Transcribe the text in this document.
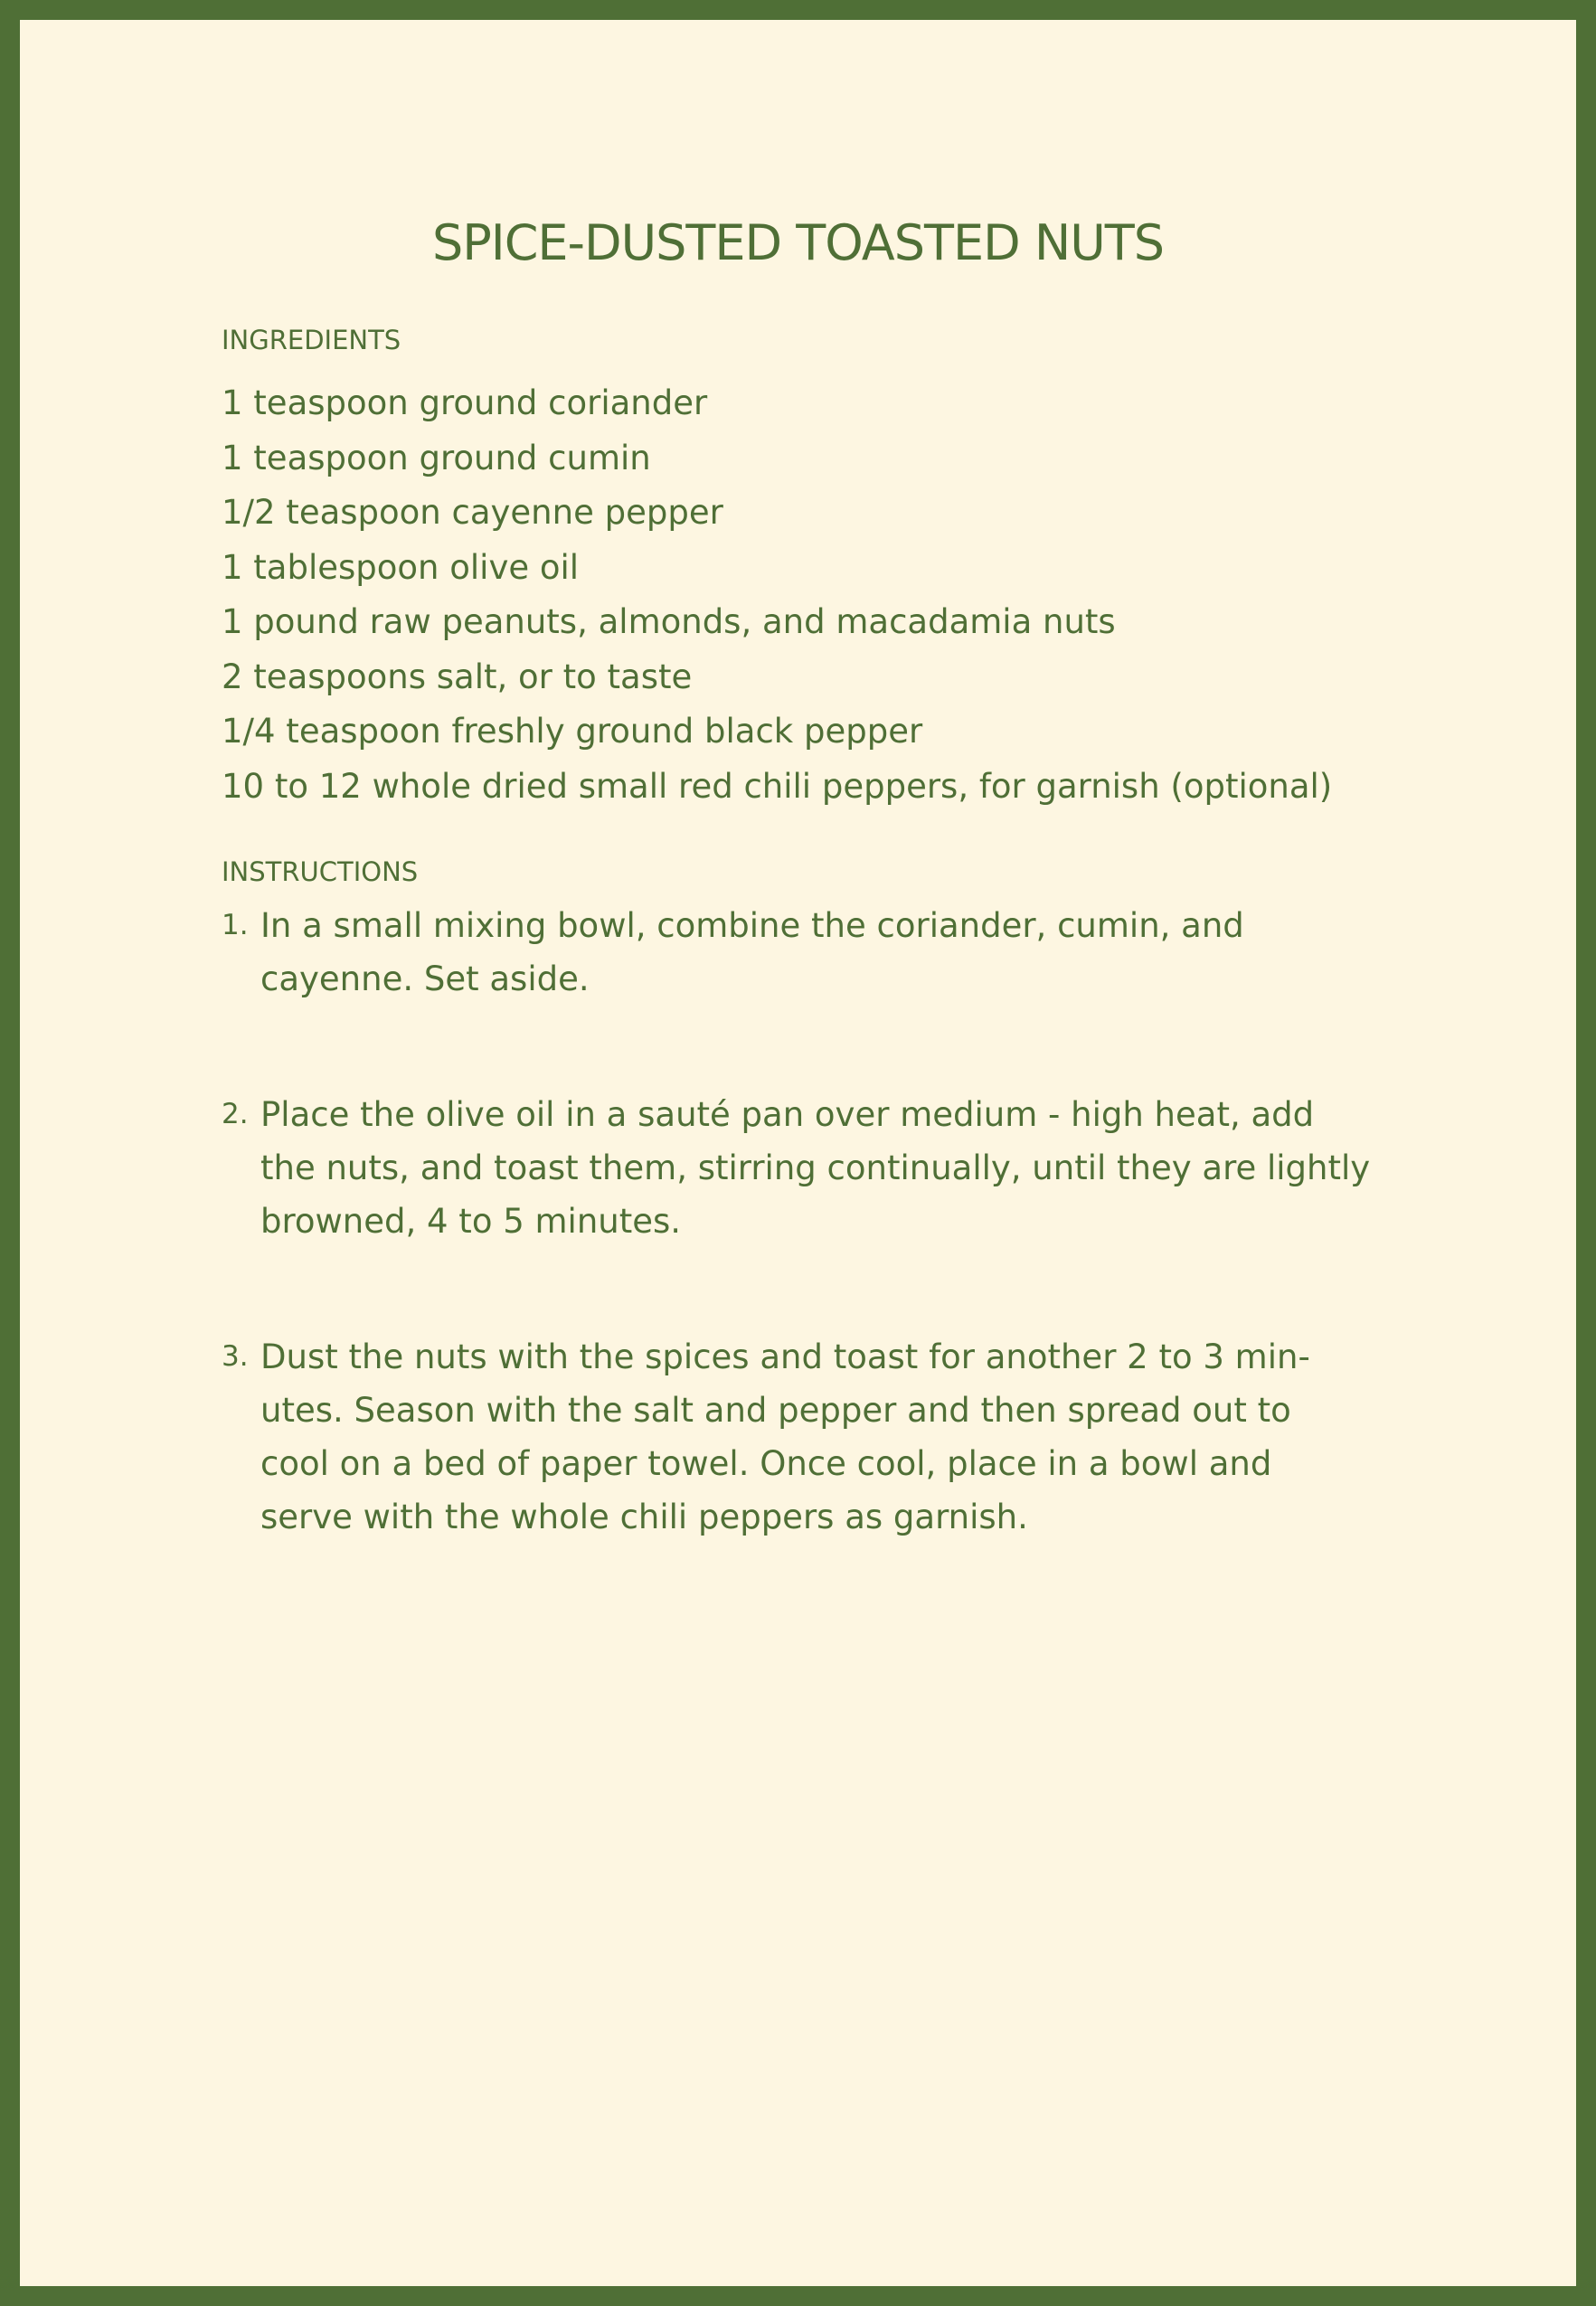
SPICE-DUSTED TOASTED NUTS
INGREDIENTS
1 teaspoon ground coriander
1 teaspoon ground cumin
1/2 teaspoon cayenne pepper
1 tablespoon olive oil
1 pound raw peanuts, almonds, and macadamia nuts
2 teaspoons salt, or to taste
1/4 teaspoon freshly ground black pepper
10 to 12 whole dried small red chili peppers, for garnish (optional)
INSTRUCTIONS
1. In a small mixing bowl, combine the coriander, cumin, and
cayenne. Set aside.
2. Place the olive oil in a sauté pan over medium - high heat, add
the nuts, and toast them, stirring continually, until they are lightly
browned, 4 to 5 minutes.
3. Dust the nuts with the spices and toast for another 2 to 3 min-
utes. Season with the salt and pepper and then spread out to
cool on a bed of paper towel. Once cool, place in a bowl and
serve with the whole chili peppers as garnish.
